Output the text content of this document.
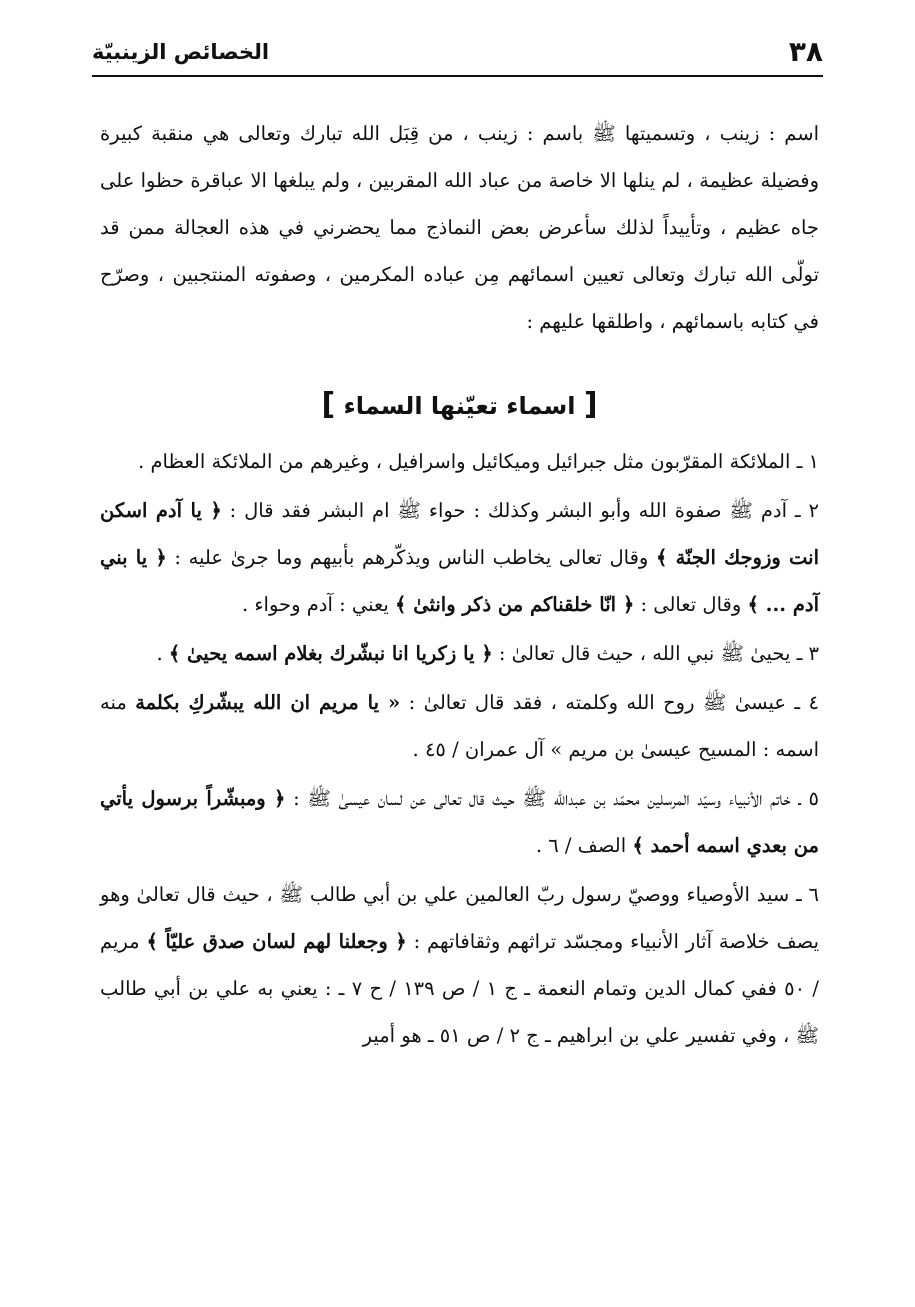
٣٨
الخصائص الزينبيّة

اسم : زينب ، وتسميتها ﷺ باسم : زينب ، من قِبَل الله تبارك وتعالى هي منقبة كبيرة وفضيلة عظيمة ، لم ينلها الا خاصة من عباد الله المقربين ، ولم يبلغها الا عباقرة حظوا على جاه عظيم ، وتأييداً لذلك سأعرض بعض النماذج مما يحضرني في هذه العجالة ممن قد تولّى الله تبارك وتعالى تعيين اسمائهم مِن عباده المكرمين ، وصفوته المنتجبين ، وصرّح في كتابه باسمائهم ، واطلقها عليهم :

[ اسماء تعيّنها السماء ]

١ ـ الملائكة المقرّبون مثل جبرائيل وميكائيل واسرافيل ، وغيرهم من الملائكة العظام .

٢ ـ آدم ﷺ صفوة الله وأبو البشر وكذلك : حواء ﷺ ام البشر فقد قال : ﴿ يا آدم اسكن انت وزوجك الجنّة ﴾ وقال تعالى يخاطب الناس ويذكّرهم بأبيهم وما جرىٰ عليه : ﴿ يا بني آدم ... ﴾ وقال تعالى : ﴿ انّا خلقناكم من ذكر وانثىٰ ﴾ يعني : آدم وحواء .

٣ ـ يحيىٰ ﷺ نبي الله ، حيث قال تعالىٰ : ﴿ يا زكريا انا نبشّرك بغلام اسمه يحيىٰ ﴾ .

٤ ـ عيسىٰ ﷺ روح الله وكلمته ، فقد قال تعالىٰ : « يا مريم ان الله يبشّركِ بكلمة منه اسمه : المسيح عيسىٰ بن مريم » آل عمران / ٤٥ .

٥ ـ خاتم الأنبياء وسيّد المرسلين محمّد بن عبدالله ﷺ حيث قال تعالى عن لسان عيسىٰ ﷺ : ﴿ ومبشّراً برسول يأتي من بعدي اسمه أحمد ﴾ الصف / ٦ .

٦ ـ سيد الأوصياء ووصيّ رسول ربّ العالمين علي بن أبي طالب ﷺ ، حيث قال تعالىٰ وهو يصف خلاصة آثار الأنبياء ومجسّد تراثهم وثقافاتهم : ﴿ وجعلنا لهم لسان صدق عليّاً ﴾ مريم / ٥٠ ففي كمال الدين وتمام النعمة ـ ج ١ / ص ١٣٩ / ح ٧ ـ : يعني به علي بن أبي طالب ﷺ ، وفي تفسير علي بن ابراهيم ـ ج ٢ / ص ٥١ ـ هو أمير
